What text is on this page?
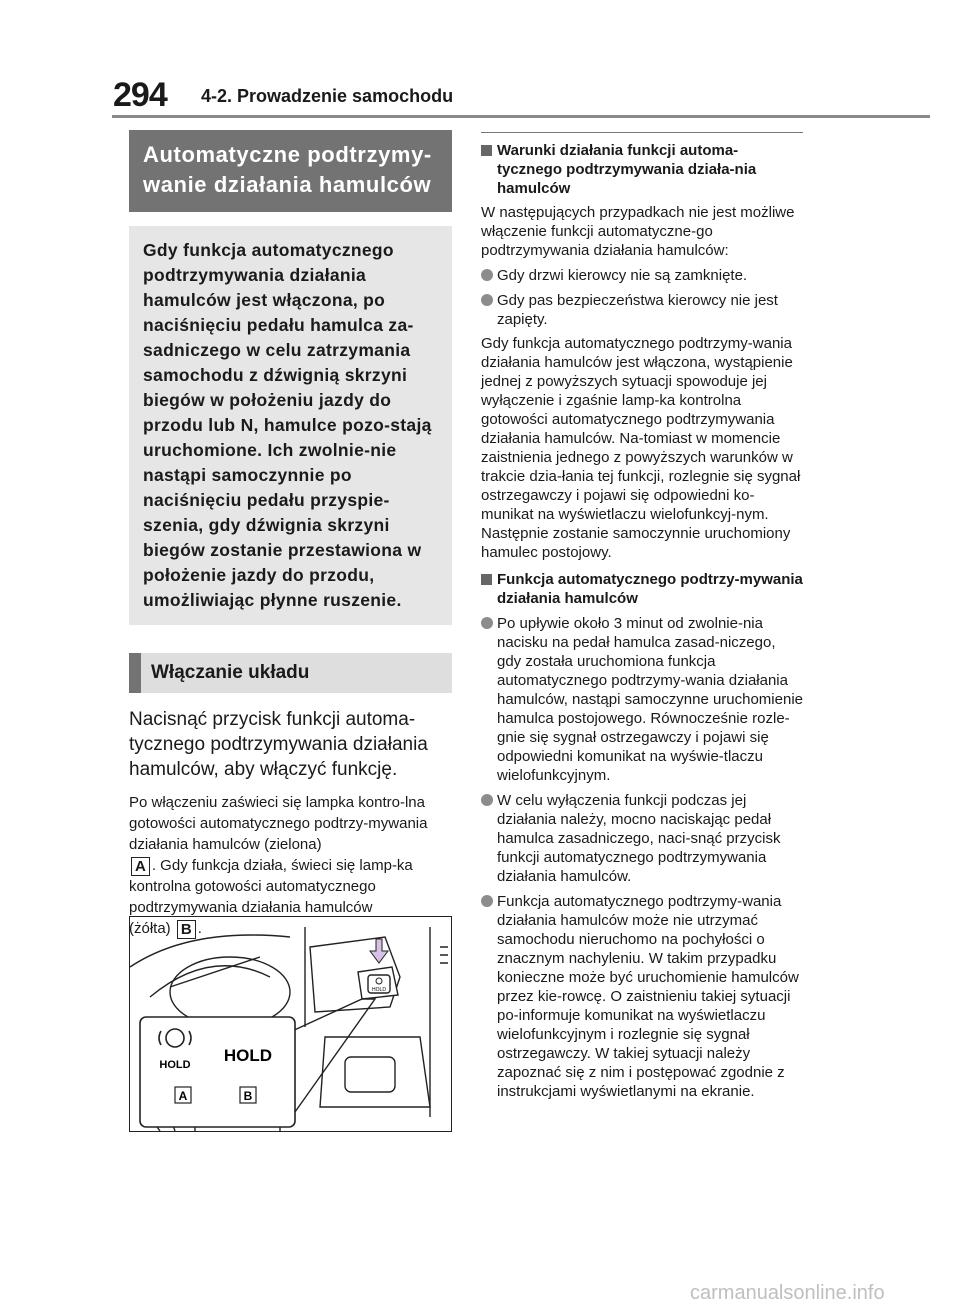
294 4-2. Prowadzenie samochodu
Automatyczne podtrzymy-wanie działania hamulców
Gdy funkcja automatycznego podtrzymywania działania hamulców jest włączona, po naciśnięciu pedału hamulca za-sadniczego w celu zatrzymania samochodu z dźwignią skrzyni biegów w położeniu jazdy do przodu lub N, hamulce pozo-stają uruchomione. Ich zwolnie-nie nastąpi samoczynnie po naciśnięciu pedału przyspie-szenia, gdy dźwignia skrzyni biegów zostanie przestawiona w położenie jazdy do przodu, umożliwiając płynne ruszenie.
Włączanie układu
Nacisnąć przycisk funkcji automa-tycznego podtrzymywania działania hamulców, aby włączyć funkcję.
Po włączeniu zaświeci się lampka kontro-lna gotowości automatycznego podtrzy-mywania działania hamulców (zielona)
A . Gdy funkcja działa, świeci się lamp-ka kontrolna gotowości automatycznego podtrzymywania działania hamulców
(żółta) B .
HOLD
HOLD HOLD
A	B
Warunki działania funkcji automa-tycznego podtrzymywania działa-nia hamulców
W następujących przypadkach nie jest możliwe włączenie funkcji automatyczne-go podtrzymywania działania hamulców:
Gdy drzwi kierowcy nie są zamknięte.
Gdy pas bezpieczeństwa kierowcy nie jest zapięty.
Gdy funkcja automatycznego podtrzymy-wania działania hamulców jest włączona, wystąpienie jednej z powyższych sytuacji spowoduje jej wyłączenie i zgaśnie lamp-ka kontrolna gotowości automatycznego podtrzymywania działania hamulców. Na-tomiast w momencie zaistnienia jednego z powyższych warunków w trakcie dzia-łania tej funkcji, rozlegnie się sygnał ostrzegawczy i pojawi się odpowiedni ko-munikat na wyświetlaczu wielofunkcyj-nym. Następnie zostanie samoczynnie uruchomiony hamulec postojowy.
Funkcja automatycznego podtrzy-mywania działania hamulców
Po upływie około 3 minut od zwolnie-nia nacisku na pedał hamulca zasad-niczego, gdy została uruchomiona funkcja automatycznego podtrzymy-wania działania hamulców, nastąpi samoczynne uruchomienie hamulca postojowego. Równocześnie rozle-gnie się sygnał ostrzegawczy i pojawi się odpowiedni komunikat na wyświe-tlaczu wielofunkcyjnym.
W celu wyłączenia funkcji podczas jej działania należy, mocno naciskając pedał hamulca zasadniczego, naci-snąć przycisk funkcji automatycznego podtrzymywania działania hamulców.
Funkcja automatycznego podtrzymy-wania działania hamulców może nie utrzymać samochodu nieruchomo na pochyłości o znacznym nachyleniu. W takim przypadku konieczne może być uruchomienie hamulców przez kie-rowcę. O zaistnieniu takiej sytuacji po-informuje komunikat na wyświetlaczu wielofunkcyjnym i rozlegnie się sygnał ostrzegawczy. W takiej sytuacji należy zapoznać się z nim i postępować zgodnie z instrukcjami wyświetlanymi na ekranie.
carmanualsonline.info
